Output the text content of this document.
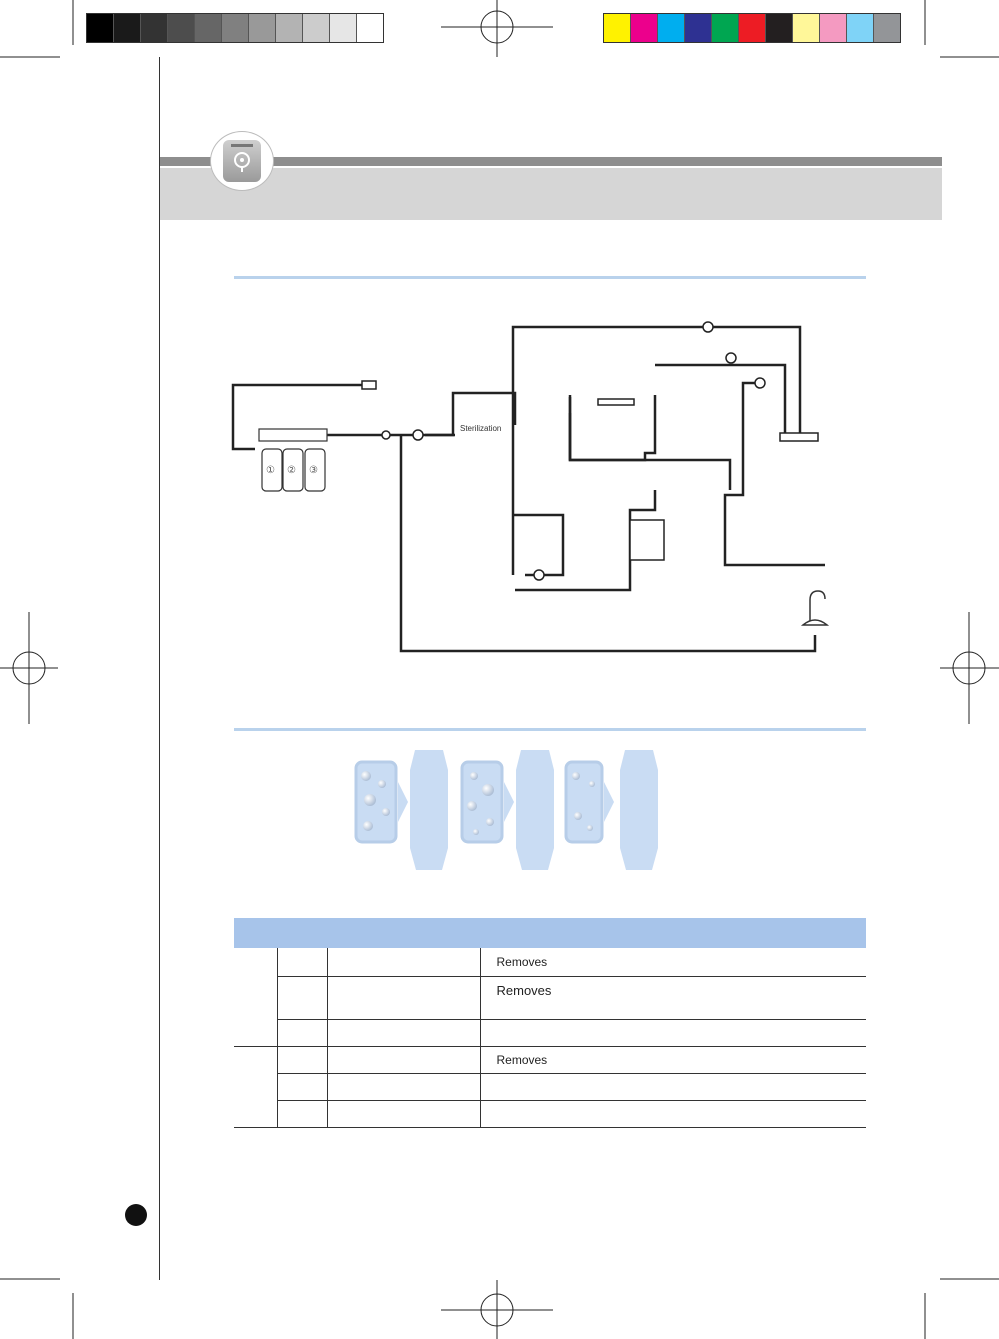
① ② ③
Sterilization

			Removes
			Removes

			Removes
